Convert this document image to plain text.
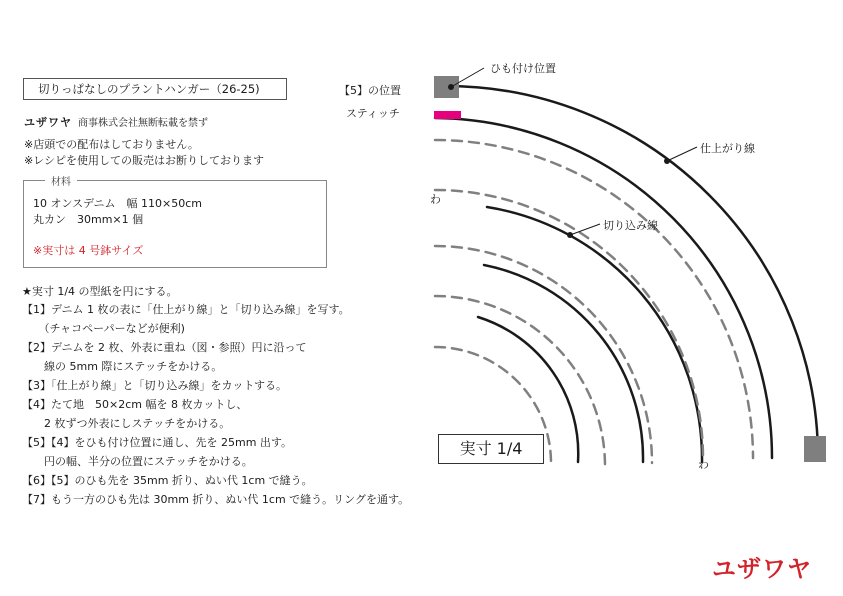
切りっぱなしのプラントハンガー（26-25)
ユザワヤ 商事株式会社無断転載を禁ず
※店頭での配布はしておりません。
※レシピを使用しての販売はお断りしております
材料
10 オンスデニム　幅 110×50cm
丸カン　30mm×1 個
※実寸は 4 号鉢サイズ
★実寸 1/4 の型紙を円にする。
【1】デニム 1 枚の表に「仕上がり線」と「切り込み線」を写す。
　　（チャコペーパーなどが便利)
【2】デニムを 2 枚、外表に重ね（図・参照）円に沿って
　　線の 5mm 際にステッチをかける。
【3】「仕上がり線」と「切り込み線」をカットする。
【4】たて地　50×2cm 幅を 8 枚カットし、
　　2 枚ずつ外表にしステッチをかける。
【5】【4】をひも付け位置に通し、先を 25mm 出す。
　　円の幅、半分の位置にステッチをかける。
【6】【5】のひも先を 35mm 折り、ぬい代 1cm で縫う。
【7】もう一方のひも先は 30mm 折り、ぬい代 1cm で縫う。リングを通す。
ひも付け位置
【5】の位置
スティッチ
仕上がり線
切り込み線
わ
わ
実寸 1/4
ユザワヤ
